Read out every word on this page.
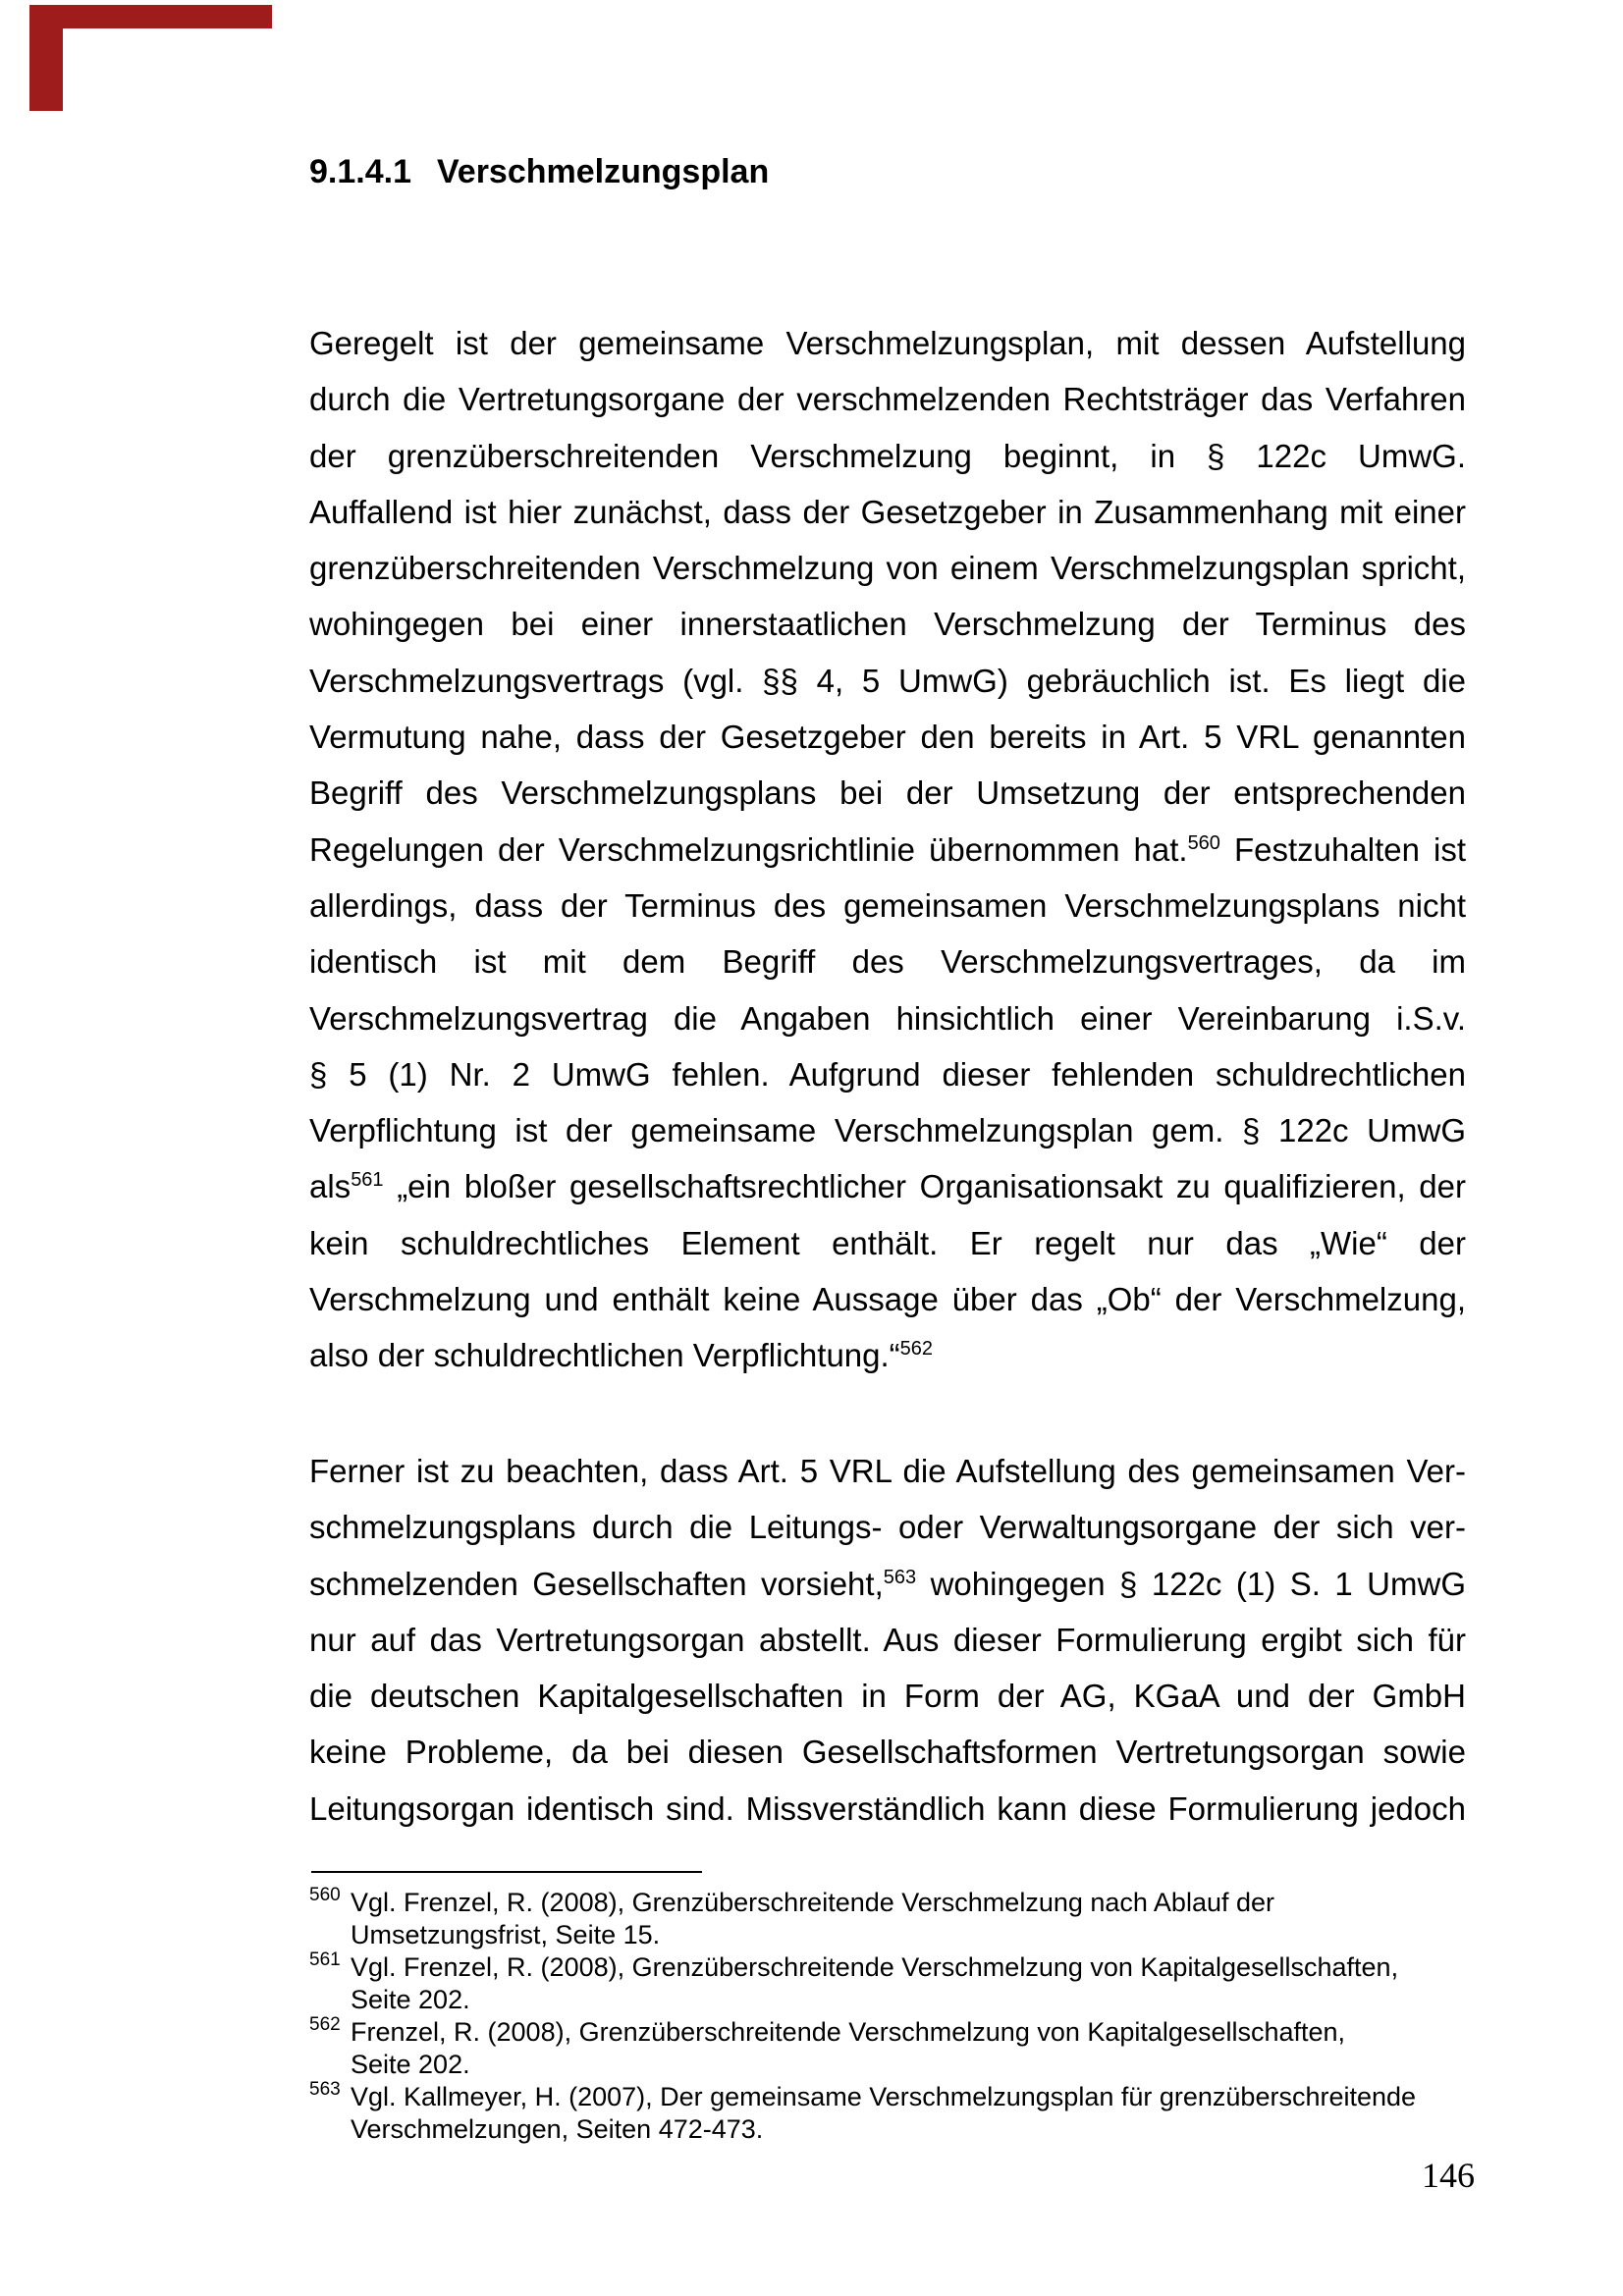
9.1.4.1 Verschmelzungsplan
Geregelt ist der gemeinsame Verschmelzungsplan, mit dessen Aufstellung
durch die Vertretungsorgane der verschmelzenden Rechtsträger das Verfahren
der grenzüberschreitenden Verschmelzung beginnt, in § 122c UmwG.
Auffallend ist hier zunächst, dass der Gesetzgeber in Zusammenhang mit einer
grenzüberschreitenden Verschmelzung von einem Verschmelzungsplan spricht,
wohingegen bei einer innerstaatlichen Verschmelzung der Terminus des
Verschmelzungsvertrags (vgl. §§ 4, 5 UmwG) gebräuchlich ist. Es liegt die
Vermutung nahe, dass der Gesetzgeber den bereits in Art. 5 VRL genannten
Begriff des Verschmelzungsplans bei der Umsetzung der entsprechenden
Regelungen der Verschmelzungsrichtlinie übernommen hat.$^{560}$ Festzuhalten ist
allerdings, dass der Terminus des gemeinsamen Verschmelzungsplans nicht
identisch ist mit dem Begriff des Verschmelzungsvertrages, da im
Verschmelzungsvertrag die Angaben hinsichtlich einer Vereinbarung i.S.v.
§ 5 (1) Nr. 2 UmwG fehlen. Aufgrund dieser fehlenden schuldrechtlichen
Verpflichtung ist der gemeinsame Verschmelzungsplan gem. § 122c UmwG
als$^{561}$ „ein bloßer gesellschaftsrechtlicher Organisationsakt zu qualifizieren, der
kein schuldrechtliches Element enthält. Er regelt nur das „Wie“ der
Verschmelzung und enthält keine Aussage über das „Ob“ der Verschmelzung,
also der schuldrechtlichen Verpflichtung.“$^{562}$
Ferner ist zu beachten, dass Art. 5 VRL die Aufstellung des gemeinsamen Ver-
schmelzungsplans durch die Leitungs- oder Verwaltungsorgane der sich ver-
schmelzenden Gesellschaften vorsieht,$^{563}$ wohingegen § 122c (1) S. 1 UmwG
nur auf das Vertretungsorgan abstellt. Aus dieser Formulierung ergibt sich für
die deutschen Kapitalgesellschaften in Form der AG, KGaA und der GmbH
keine Probleme, da bei diesen Gesellschaftsformen Vertretungsorgan sowie
Leitungsorgan identisch sind. Missverständlich kann diese Formulierung jedoch
560 Vgl. Frenzel, R. (2008), Grenzüberschreitende Verschmelzung nach Ablauf der
Umsetzungsfrist, Seite 15.
561 Vgl. Frenzel, R. (2008), Grenzüberschreitende Verschmelzung von Kapitalgesellschaften,
Seite 202.
562 Frenzel, R. (2008), Grenzüberschreitende Verschmelzung von Kapitalgesellschaften,
Seite 202.
563 Vgl. Kallmeyer, H. (2007), Der gemeinsame Verschmelzungsplan für grenzüberschreitende
Verschmelzungen, Seiten 472-473.
146
